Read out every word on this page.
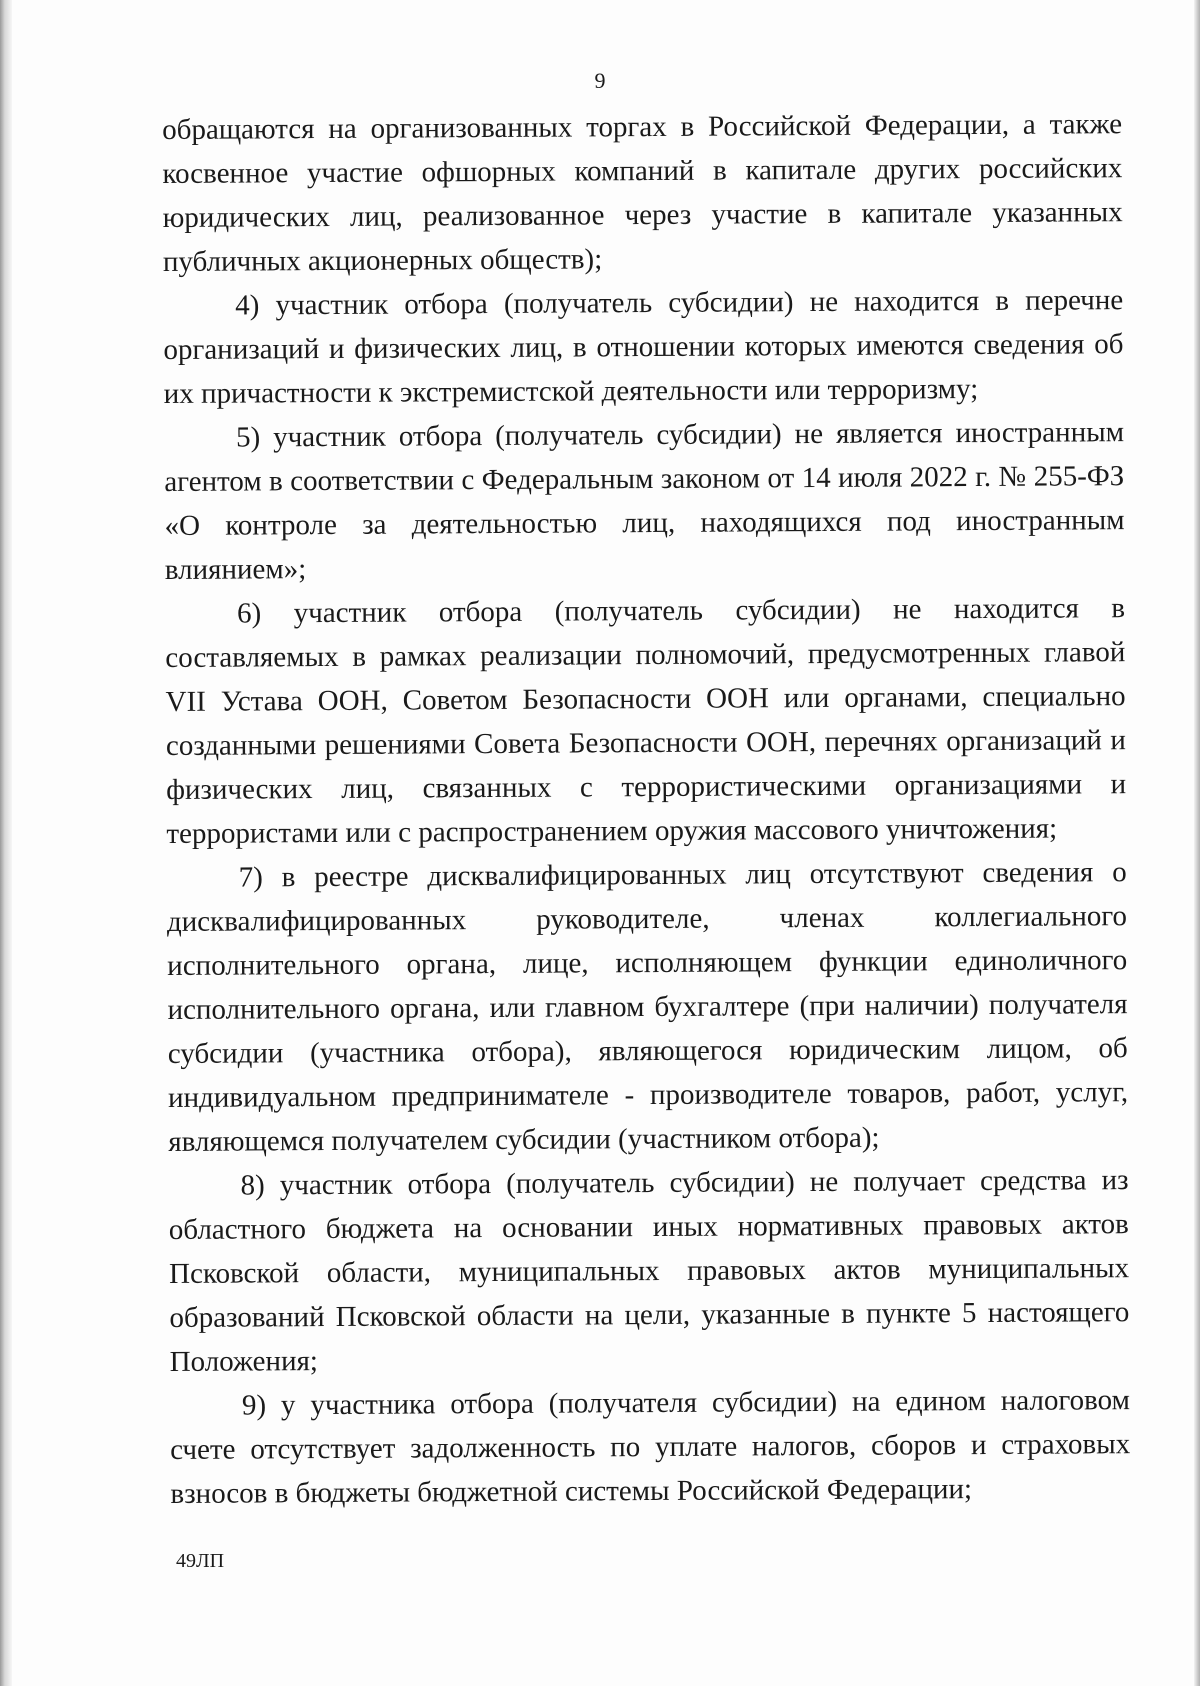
9

обращаются на организованных торгах в Российской Федерации, а также косвенное участие офшорных компаний в капитале других российских юридических лиц, реализованное через участие в капитале указанных публичных акционерных обществ);

4) участник отбора (получатель субсидии) не находится в перечне организаций и физических лиц, в отношении которых имеются сведения об их причастности к экстремистской деятельности или терроризму;

5) участник отбора (получатель субсидии) не является иностранным агентом в соответствии с Федеральным законом от 14 июля 2022 г. № 255-ФЗ «О контроле за деятельностью лиц, находящихся под иностранным влиянием»;

6) участник отбора (получатель субсидии) не находится в составляемых в рамках реализации полномочий, предусмотренных главой VII Устава ООН, Советом Безопасности ООН или органами, специально созданными решениями Совета Безопасности ООН, перечнях организаций и физических лиц, связанных с террористическими организациями и террористами или с распространением оружия массового уничтожения;

7) в реестре дисквалифицированных лиц отсутствуют сведения о дисквалифицированных руководителе, членах коллегиального исполнительного органа, лице, исполняющем функции единоличного исполнительного органа, или главном бухгалтере (при наличии) получателя субсидии (участника отбора), являющегося юридическим лицом, об индивидуальном предпринимателе - производителе товаров, работ, услуг, являющемся получателем субсидии (участником отбора);

8) участник отбора (получатель субсидии) не получает средства из областного бюджета на основании иных нормативных правовых актов Псковской области, муниципальных правовых актов муниципальных образований Псковской области на цели, указанные в пункте 5 настоящего Положения;

9) у участника отбора (получателя субсидии) на едином налоговом счете отсутствует задолженность по уплате налогов, сборов и страховых взносов в бюджеты бюджетной системы Российской Федерации;

49ЛП
